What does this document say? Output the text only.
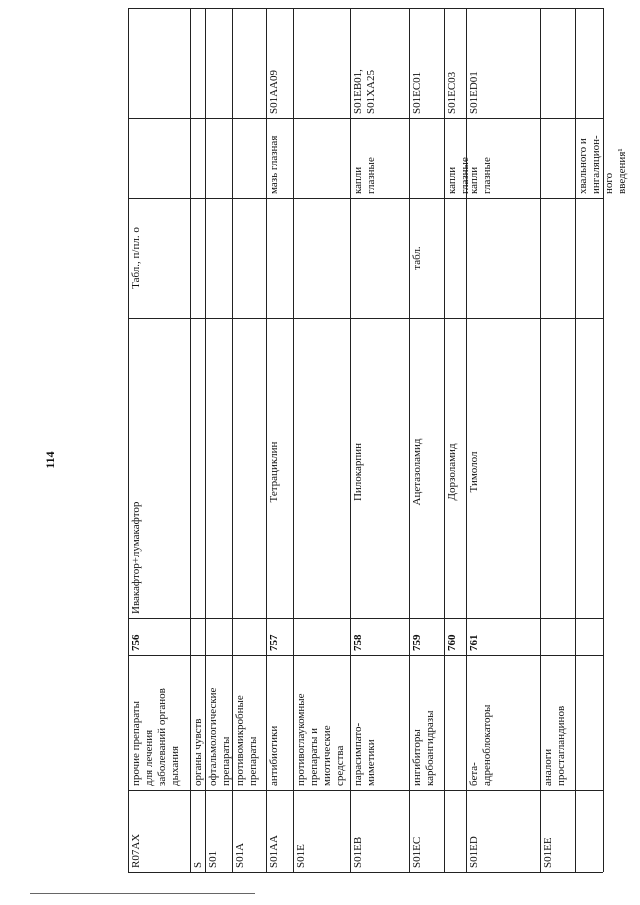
114
хвального и
ингаляцион-
ного
введения¹
Табл., п/пл. о
Ивакафтор+лумакафтор
756
прочие препараты
для лечения
заболеваний органов
дыхания
R07AX
органы чувств
S
офтальмологические
препараты
S01
противомикробные
препараты
S01A
S01AA09
мазь глазная
Тетрациклин
757
антибиотики
S01AA
противоглаукомные
препараты и
миотические
средства
S01E
S01EB01,
S01XA25
капли
глазные
Пилокарпин
758
парасимпато-
миметики
S01EB
S01EC01
табл.
Ацетазоламид
759
ингибиторы
карбоангидразы
S01EC
S01EC03
капли
глазные
Дорзоламид
760
S01ED01
капли
глазные
Тимолол
761
бета-
адреноблокаторы
S01ED
аналоги
простагландинов
S01EE
